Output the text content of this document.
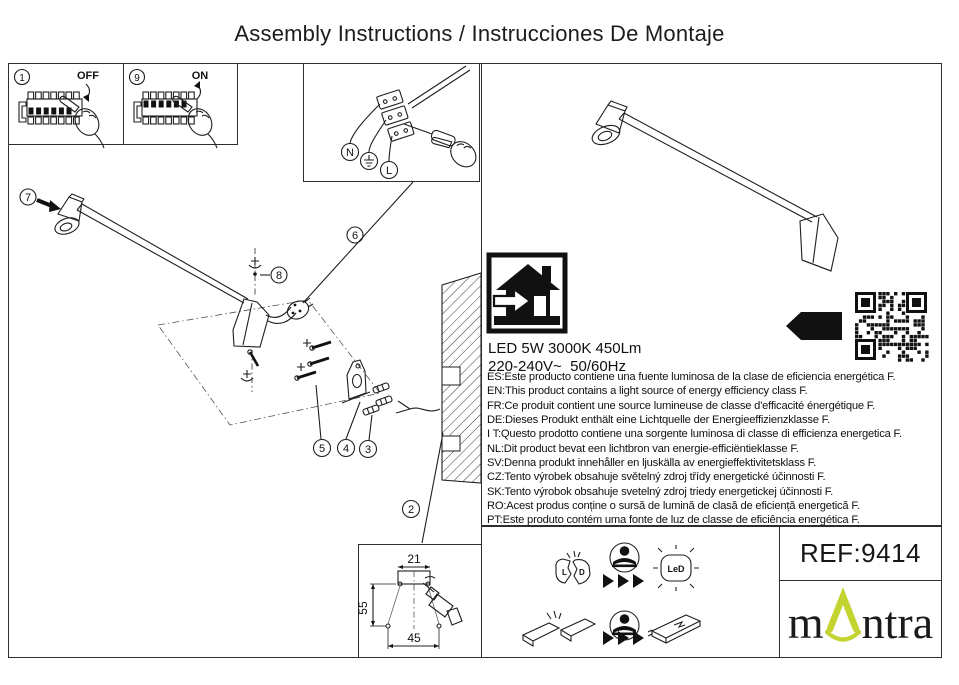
Assembly Instructions / Instrucciones De Montaje
7
8
6
5 4 3
2
1	OFF	9	ON
N
L
F
LED 5W 3000K 450Lm
220-240V~  50/60Hz
ES:Este producto contiene una fuente luminosa de la clase de eficiencia energética F.
EN:This product contains a light source of energy efficiency class F.
FR:Ce produit contient une source lumineuse de classe d'efficacité énergétique F.
DE:Dieses Produkt enthält eine Lichtquelle der Energieeffizienzklasse F.
I T:Questo prodotto contiene una sorgente luminosa di classe di efficienza energetica F.
NL:Dit product bevat een lichtbron van energie-efficiëntieklasse F.
SV:Denna produkt innehåller en ljuskälla av energieffektivitetsklass F.
CZ:Tento výrobek obsahuje světelný zdroj třídy energetické účinnosti F.
SK:Tento výrobok obsahuje svetelný zdroj triedy energetickej účinnosti F.
RO:Acest produs conține o sursă de lumină de clasă de eficiență energetică F.
PT:Este produto contém uma fonte de luz de classe de eficiência energética F.
21
55
45
L D	LeD
REF:9414
m ntra
